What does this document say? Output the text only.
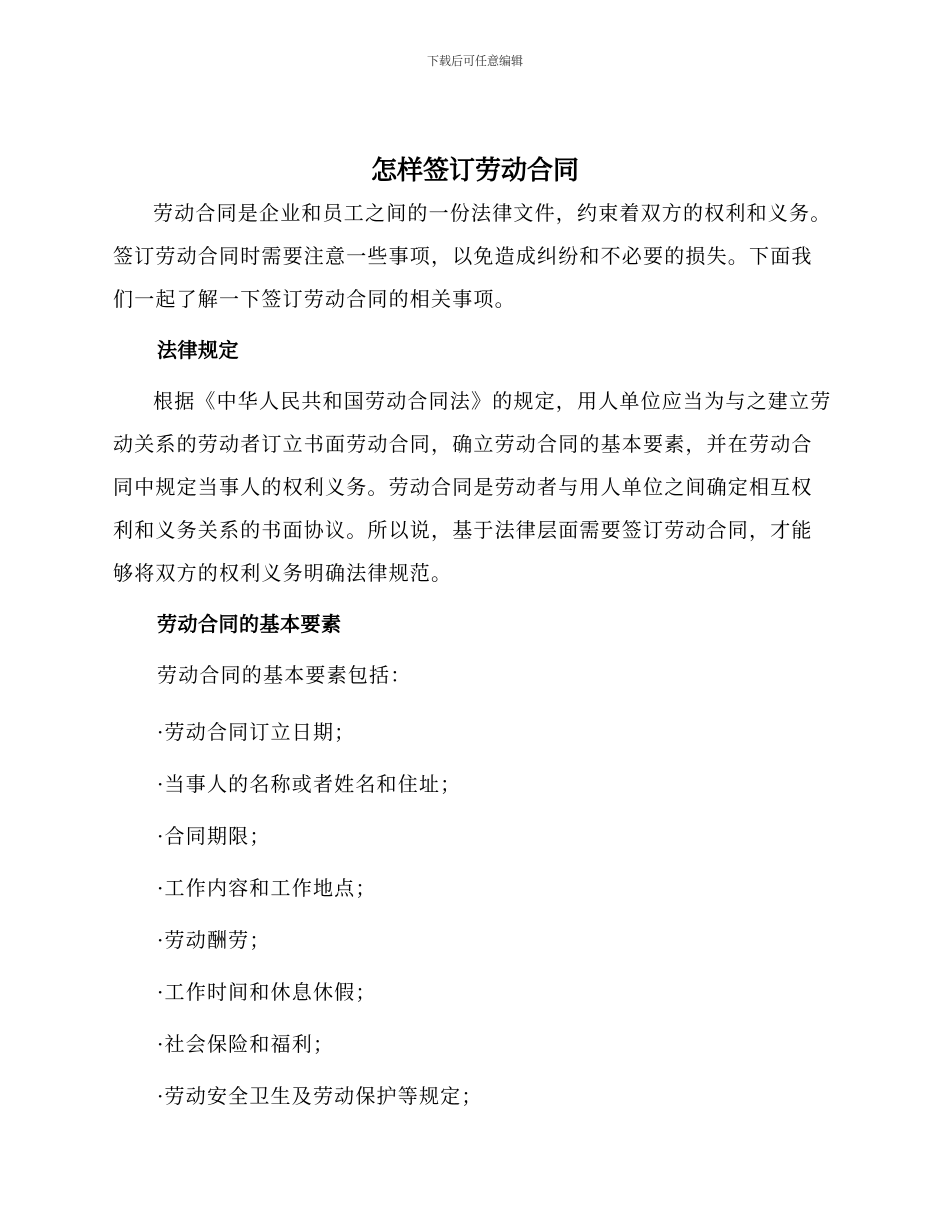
下载后可任意编辑
怎样签订劳动合同

劳动合同是企业和员工之间的一份法律文件，约束着双方的权利和义务。签订劳动合同时需要注意一些事项，以免造成纠纷和不必要的损失。下面我们一起了解一下签订劳动合同的相关事项。

法律规定

根据《中华人民共和国劳动合同法》的规定，用人单位应当为与之建立劳动关系的劳动者订立书面劳动合同，确立劳动合同的基本要素，并在劳动合同中规定当事人的权利义务。劳动合同是劳动者与用人单位之间确定相互权利和义务关系的书面协议。所以说，基于法律层面需要签订劳动合同，才能够将双方的权利义务明确法律规范。

劳动合同的基本要素
劳动合同的基本要素包括：
·劳动合同订立日期；
·当事人的名称或者姓名和住址；
·合同期限；
·工作内容和工作地点；
·劳动酬劳；
·工作时间和休息休假；
·社会保险和福利；
·劳动安全卫生及劳动保护等规定；
